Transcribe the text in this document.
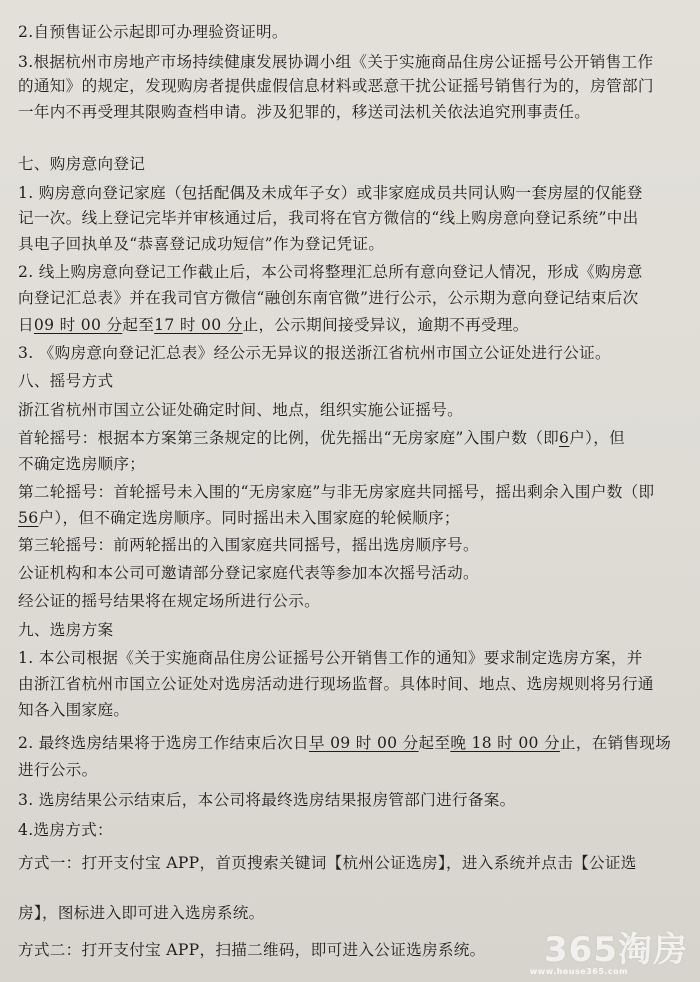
2.自预售证公示起即可办理验资证明。
3.根据杭州市房地产市场持续健康发展协调小组《关于实施商品住房公证摇号公开销售工作
的通知》的规定，发现购房者提供虚假信息材料或恶意干扰公证摇号销售行为的，房管部门
一年内不再受理其限购查档申请。涉及犯罪的，移送司法机关依法追究刑事责任。
七、购房意向登记
1. 购房意向登记家庭（包括配偶及未成年子女）或非家庭成员共同认购一套房屋的仅能登
记一次。线上登记完毕并审核通过后，我司将在官方微信的“线上购房意向登记系统”中出
具电子回执单及“恭喜登记成功短信”作为登记凭证。
2. 线上购房意向登记工作截止后，本公司将整理汇总所有意向登记人情况，形成《购房意
向登记汇总表》并在我司官方微信“融创东南官微”进行公示，公示期为意向登记结束后次
日09 时 00 分起至17 时 00 分止，公示期间接受异议，逾期不再受理。
3. 《购房意向登记汇总表》经公示无异议的报送浙江省杭州市国立公证处进行公证。
八、摇号方式
浙江省杭州市国立公证处确定时间、地点，组织实施公证摇号。
首轮摇号：根据本方案第三条规定的比例，优先摇出“无房家庭”入围户数（即6户），但
不确定选房顺序；
第二轮摇号：首轮摇号未入围的“无房家庭”与非无房家庭共同摇号，摇出剩余入围户数（即
56户），但不确定选房顺序。同时摇出未入围家庭的轮候顺序；
第三轮摇号：前两轮摇出的入围家庭共同摇号，摇出选房顺序号。
公证机构和本公司可邀请部分登记家庭代表等参加本次摇号活动。
经公证的摇号结果将在规定场所进行公示。
九、选房方案
1. 本公司根据《关于实施商品住房公证摇号公开销售工作的通知》要求制定选房方案，并
由浙江省杭州市国立公证处对选房活动进行现场监督。具体时间、地点、选房规则将另行通
知各入围家庭。
2. 最终选房结果将于选房工作结束后次日早 09 时 00 分起至晚 18 时 00 分止，在销售现场
进行公示。
3. 选房结果公示结束后，本公司将最终选房结果报房管部门进行备案。
4.选房方式：
方式一：打开支付宝 APP，首页搜索关键词【杭州公证选房】，进入系统并点击【公证选
房】，图标进入即可进入选房系统。
方式二：打开支付宝 APP，扫描二维码，即可进入公证选房系统。	365淘房
www.house365.com
